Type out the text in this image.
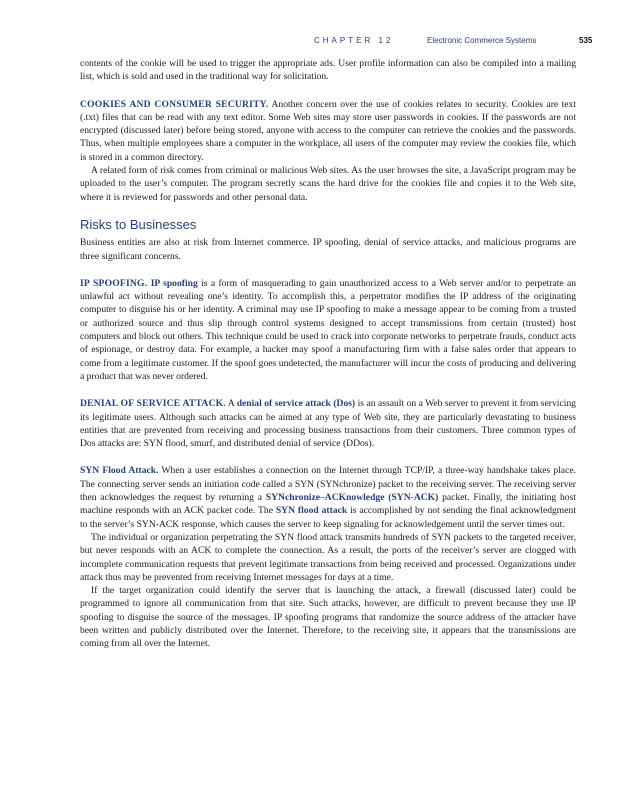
CHAPTER 12	Electronic Commerce Systems	535

contents of the cookie will be used to trigger the appropriate ads. User profile information can also be compiled into a mailing list, which is sold and used in the traditional way for solicitation.

COOKIES AND CONSUMER SECURITY. Another concern over the use of cookies relates to security. Cookies are text (.txt) files that can be read with any text editor. Some Web sites may store user passwords in cookies. If the passwords are not encrypted (discussed later) before being stored, anyone with access to the computer can retrieve the cookies and the passwords. Thus, when multiple employees share a computer in the workplace, all users of the computer may review the cookies file, which is stored in a common directory.

A related form of risk comes from criminal or malicious Web sites. As the user browses the site, a JavaScript program may be uploaded to the user’s computer. The program secretly scans the hard drive for the cookies file and copies it to the Web site, where it is reviewed for passwords and other personal data.

Risks to Businesses

Business entities are also at risk from Internet commerce. IP spoofing, denial of service attacks, and malicious programs are three significant concerns.

IP SPOOFING. IP spoofing is a form of masquerading to gain unauthorized access to a Web server and/or to perpetrate an unlawful act without revealing one’s identity. To accomplish this, a perpetrator modifies the IP address of the originating computer to disguise his or her identity. A criminal may use IP spoofing to make a message appear to be coming from a trusted or authorized source and thus slip through control systems designed to accept transmissions from certain (trusted) host computers and block out others. This technique could be used to crack into corporate networks to perpetrate frauds, conduct acts of espionage, or destroy data. For example, a hacker may spoof a manufacturing firm with a false sales order that appears to come from a legitimate customer. If the spoof goes undetected, the manufacturer will incur the costs of producing and delivering a product that was never ordered.

DENIAL OF SERVICE ATTACK. A denial of service attack (Dos) is an assault on a Web server to prevent it from servicing its legitimate users. Although such attacks can be aimed at any type of Web site, they are particularly devastating to business entities that are prevented from receiving and processing business transactions from their customers. Three common types of Dos attacks are: SYN flood, smurf, and distributed denial of service (DDos).

SYN Flood Attack. When a user establishes a connection on the Internet through TCP/IP, a three-way handshake takes place. The connecting server sends an initiation code called a SYN (SYNchronize) packet to the receiving server. The receiving server then acknowledges the request by returning a SYNchronize–ACKnowledge (SYN-ACK) packet. Finally, the initiating host machine responds with an ACK packet code. The SYN flood attack is accomplished by not sending the final acknowledgment to the server’s SYN-ACK response, which causes the server to keep signaling for acknowledgement until the server times out.

The individual or organization perpetrating the SYN flood attack transmits hundreds of SYN packets to the targeted receiver, but never responds with an ACK to complete the connection. As a result, the ports of the receiver’s server are clogged with incomplete communication requests that prevent legitimate transactions from being received and processed. Organizations under attack thus may be prevented from receiving Internet messages for days at a time.

If the target organization could identify the server that is launching the attack, a firewall (discussed later) could be programmed to ignore all communication from that site. Such attacks, however, are difficult to prevent because they use IP spoofing to disguise the source of the messages. IP spoofing programs that randomize the source address of the attacker have been written and publicly distributed over the Internet. Therefore, to the receiving site, it appears that the transmissions are coming from all over the Internet.
